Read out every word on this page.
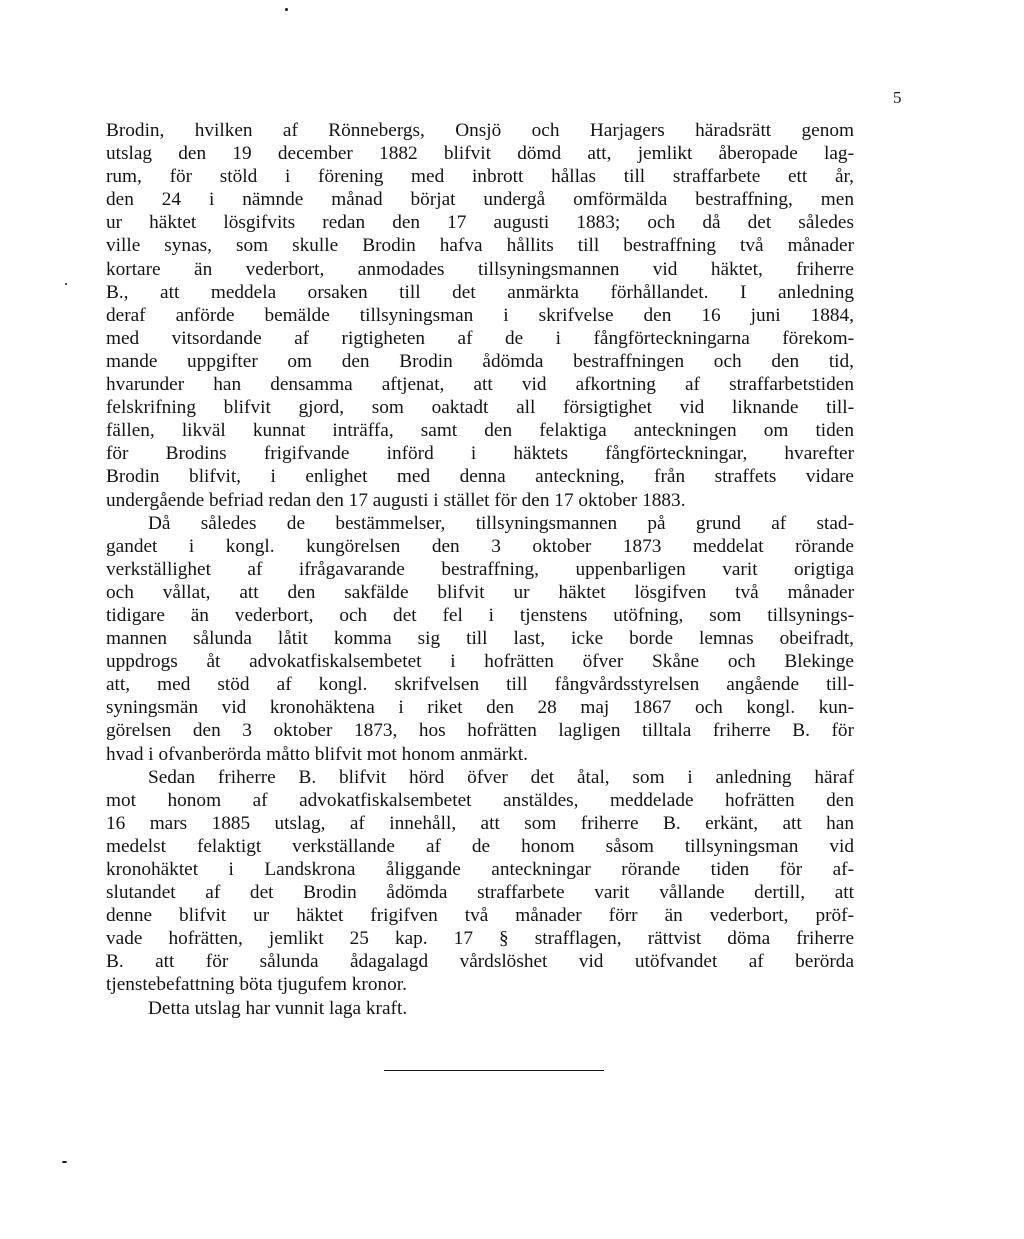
5
Brodin, hvilken af Rönnebergs, Onsjö och Harjagers häradsrätt genom
utslag den 19 december 1882 blifvit dömd att, jemlikt åberopade lag-
rum, för stöld i förening med inbrott hållas till straffarbete ett år,
den 24 i nämnde månad börjat undergå omförmälda bestraffning, men
ur häktet lösgifvits redan den 17 augusti 1883; och då det således
ville synas, som skulle Brodin hafva hållits till bestraffning två månader
kortare än vederbort, anmodades tillsyningsmannen vid häktet, friherre
B., att meddela orsaken till det anmärkta förhållandet. I anledning
deraf anförde bemälde tillsyningsman i skrifvelse den 16 juni 1884,
med vitsordande af rigtigheten af de i fångförteckningarna förekom-
mande uppgifter om den Brodin ådömda bestraffningen och den tid,
hvarunder han densamma aftjenat, att vid afkortning af straffarbetstiden
felskrifning blifvit gjord, som oaktadt all försigtighet vid liknande till-
fällen, likväl kunnat inträffa, samt den felaktiga anteckningen om tiden
för Brodins frigifvande införd i häktets fångförteckningar, hvarefter
Brodin blifvit, i enlighet med denna anteckning, från straffets vidare
undergående befriad redan den 17 augusti i stället för den 17 oktober 1883.
Då således de bestämmelser, tillsyningsmannen på grund af stad-
gandet i kongl. kungörelsen den 3 oktober 1873 meddelat rörande
verkställighet af ifrågavarande bestraffning, uppenbarligen varit origtiga
och vållat, att den sakfälde blifvit ur häktet lösgifven två månader
tidigare än vederbort, och det fel i tjenstens utöfning, som tillsynings-
mannen sålunda låtit komma sig till last, icke borde lemnas obeifradt,
uppdrogs åt advokatfiskalsembetet i hofrätten öfver Skåne och Blekinge
att, med stöd af kongl. skrifvelsen till fångvårdsstyrelsen angående till-
syningsmän vid kronohäktena i riket den 28 maj 1867 och kongl. kun-
görelsen den 3 oktober 1873, hos hofrätten lagligen tilltala friherre B. för
hvad i ofvanberörda måtto blifvit mot honom anmärkt.
Sedan friherre B. blifvit hörd öfver det åtal, som i anledning häraf
mot honom af advokatfiskalsembetet anstäldes, meddelade hofrätten den
16 mars 1885 utslag, af innehåll, att som friherre B. erkänt, att han
medelst felaktigt verkställande af de honom såsom tillsyningsman vid
kronohäktet i Landskrona åliggande anteckningar rörande tiden för af-
slutandet af det Brodin ådömda straffarbete varit vållande dertill, att
denne blifvit ur häktet frigifven två månader förr än vederbort, pröf-
vade hofrätten, jemlikt 25 kap. 17 § strafflagen, rättvist döma friherre
B. att för sålunda ådagalagd vårdslöshet vid utöfvandet af berörda
tjenstebefattning böta tjugufem kronor.
Detta utslag har vunnit laga kraft.
